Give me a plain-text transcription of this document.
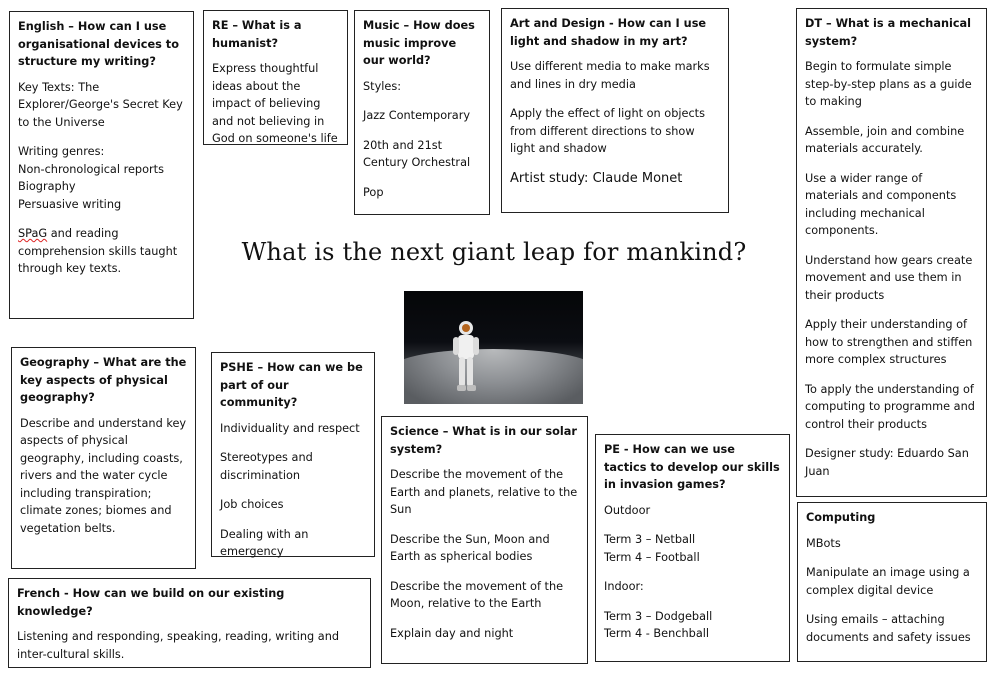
English – How can I use organisational devices to structure my writing?

Key Texts: The Explorer/George's Secret Key to the Universe

Writing genres:

Non-chronological reports

Biography

Persuasive writing

SPaG and reading comprehension skills taught through key texts.

RE – What is a humanist?

Express thoughtful ideas about the impact of believing and not believing in God on someone's life

Music – How does music improve our world?

Styles:

Jazz Contemporary

20th and 21st Century Orchestral

Pop

Art and Design - How can I use light and shadow in my art?

Use different media to make marks and lines in dry media

Apply the effect of light on objects from different directions to show light and shadow

Artist study: Claude Monet

DT – What is a mechanical system?

Begin to formulate simple step-by-step plans as a guide to making

Assemble, join and combine materials accurately.

Use a wider range of materials and components including mechanical components.

Understand how gears create movement and use them in their products

Apply their understanding of how to strengthen and stiffen more complex structures

To apply the understanding of computing to programme and control their products

Designer study: Eduardo San Juan

What is the next giant leap for mankind?
Geography – What are the key aspects of physical geography?

Describe and understand key aspects of physical geography, including coasts, rivers and the water cycle including transpiration; climate zones; biomes and vegetation belts.

PSHE – How can we be part of our community?

Individuality and respect

Stereotypes and discrimination

Job choices

Dealing with an emergency

Science – What is in our solar system?

Describe the movement of the Earth and planets, relative to the Sun

Describe the Sun, Moon and Earth as spherical bodies

Describe the movement of the Moon, relative to the Earth

Explain day and night

PE - How can we use tactics to develop our skills in invasion games?

Outdoor

Term 3 – Netball

Term 4 – Football

Indoor:

Term 3 – Dodgeball

Term 4 - Benchball

Computing

MBots

Manipulate an image using a complex digital device

Using emails – attaching documents and safety issues

French - How can we build on our existing knowledge?

Listening and responding, speaking, reading, writing and inter-cultural skills.
